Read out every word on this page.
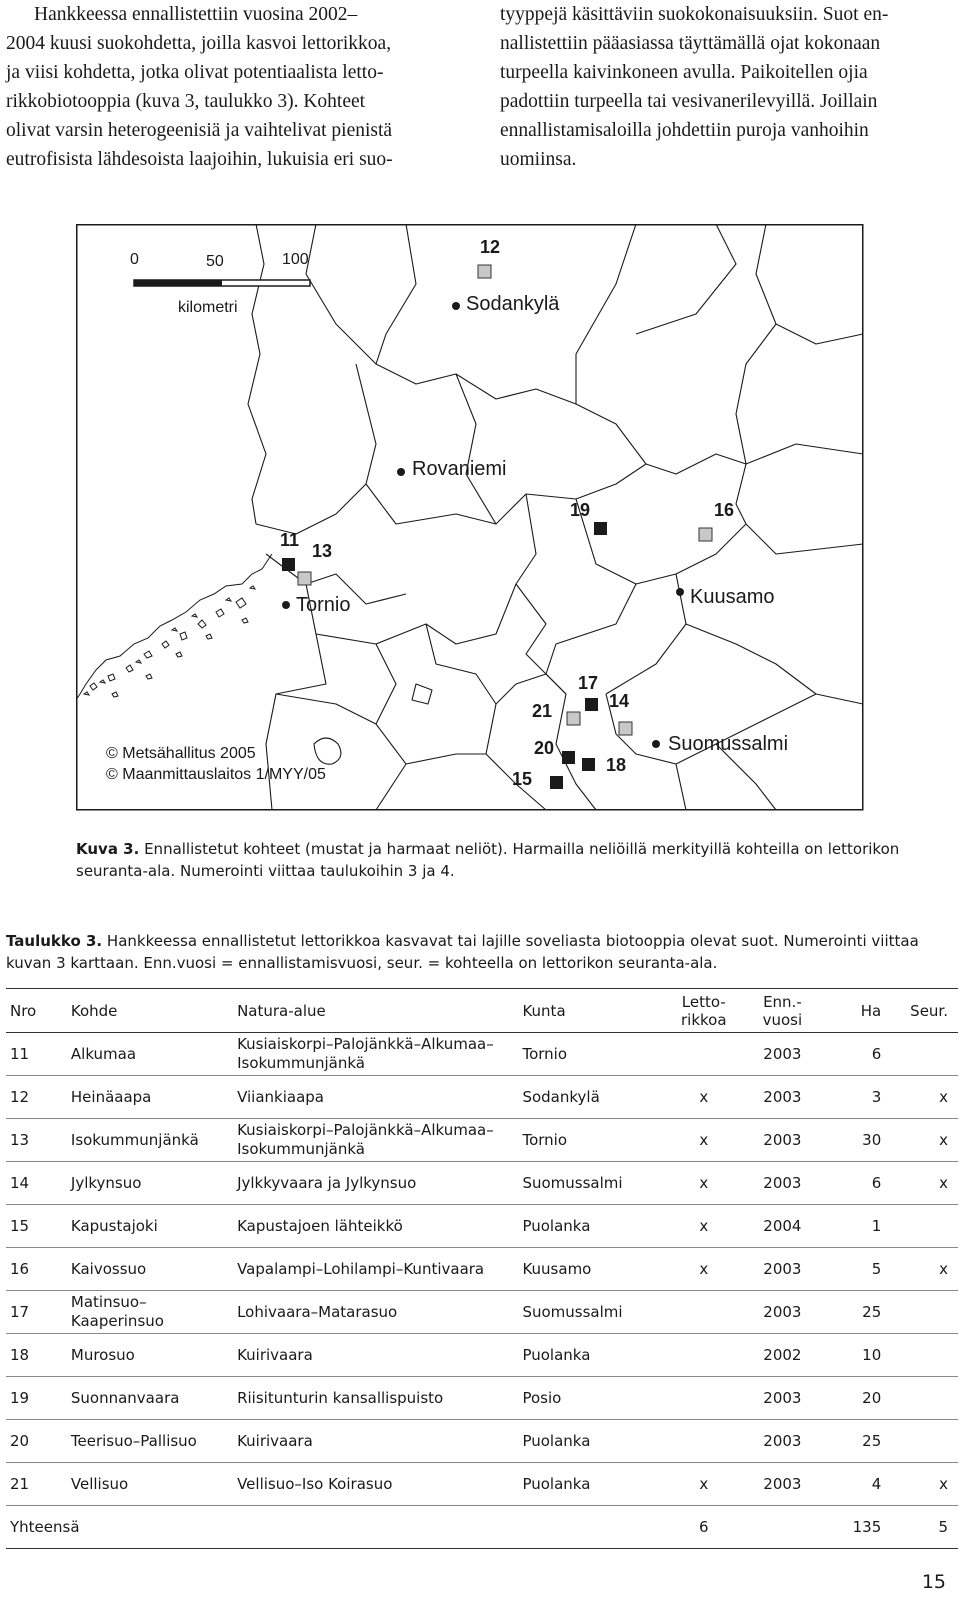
Hankkeessa ennallistettiin vuosina 2002–

2004 kuusi suokohdetta, joilla kasvoi lettorikkoa,

ja viisi kohdetta, jotka olivat potentiaalista letto-

rikkobiotooppia (kuva 3, taulukko 3). Kohteet

olivat varsin heterogeenisiä ja vaihtelivat pienistä

eutrofisista lähdesoista laajoihin, lukuisia eri suo-

tyyppejä käsittäviin suokokonaisuuksiin. Suot en-

nallistettiin pääasiassa täyttämällä ojat kokonaan

turpeella kaivinkoneen avulla. Paikoitellen ojia

padottiin turpeella tai vesivanerilevyillä. Joillain

ennallistamisaloilla johdettiin puroja vanhoihin

uomiinsa.

0	50	100
kilometri	Sodankylä
Rovaniemi
Tornio	Kuusamo
Suomussalmi
12
11
13
19	16
17
14
21
20
18
15
© Metsähallitus 2005
© Maanmittauslaitos 1/MYY/05
Kuva 3. Ennallistetut kohteet (mustat ja harmaat neliöt). Harmailla neliöillä merkityillä kohteilla on lettorikon seuranta-ala. Numerointi viittaa taulukoihin 3 ja 4.
Taulukko 3. Hankkeessa ennallistetut lettorikkoa kasvavat tai lajille soveliasta biotooppia olevat suot. Numerointi viittaa kuvan 3 karttaan. Enn.vuosi = ennallistamisvuosi, seur. = kohteella on lettorikon seuranta-ala.
Nro	Kohde	Natura-alue	Kunta	Letto-
rikkoa	Enn.-
vuosi	Ha	Seur.
11	Alkumaa	Kusiaiskorpi–Palojänkkä–Alkumaa–
Isokummunjänkä	Tornio		2003	6	
12	Heinäaapa	Viiankiaapa	Sodankylä	x	2003	3	x
13	Isokummunjänkä	Kusiaiskorpi–Palojänkkä–Alkumaa–
Isokummunjänkä	Tornio	x	2003	30	x
14	Jylkynsuo	Jylkkyvaara ja Jylkynsuo	Suomussalmi	x	2003	6	x
15	Kapustajoki	Kapustajoen lähteikkö	Puolanka	x	2004	1	
16	Kaivossuo	Vapalampi–Lohilampi–Kuntivaara	Kuusamo	x	2003	5	x
17	Matinsuo–
Kaaperinsuo	Lohivaara–Matarasuo	Suomussalmi		2003	25	
18	Murosuo	Kuirivaara	Puolanka		2002	10	
19	Suonnanvaara	Riisitunturin kansallispuisto	Posio		2003	20	
20	Teerisuo–Pallisuo	Kuirivaara	Puolanka		2003	25	
21	Vellisuo	Vellisuo–Iso Koirasuo	Puolanka	x	2003	4	x
Yhteensä				6		135	5
15
